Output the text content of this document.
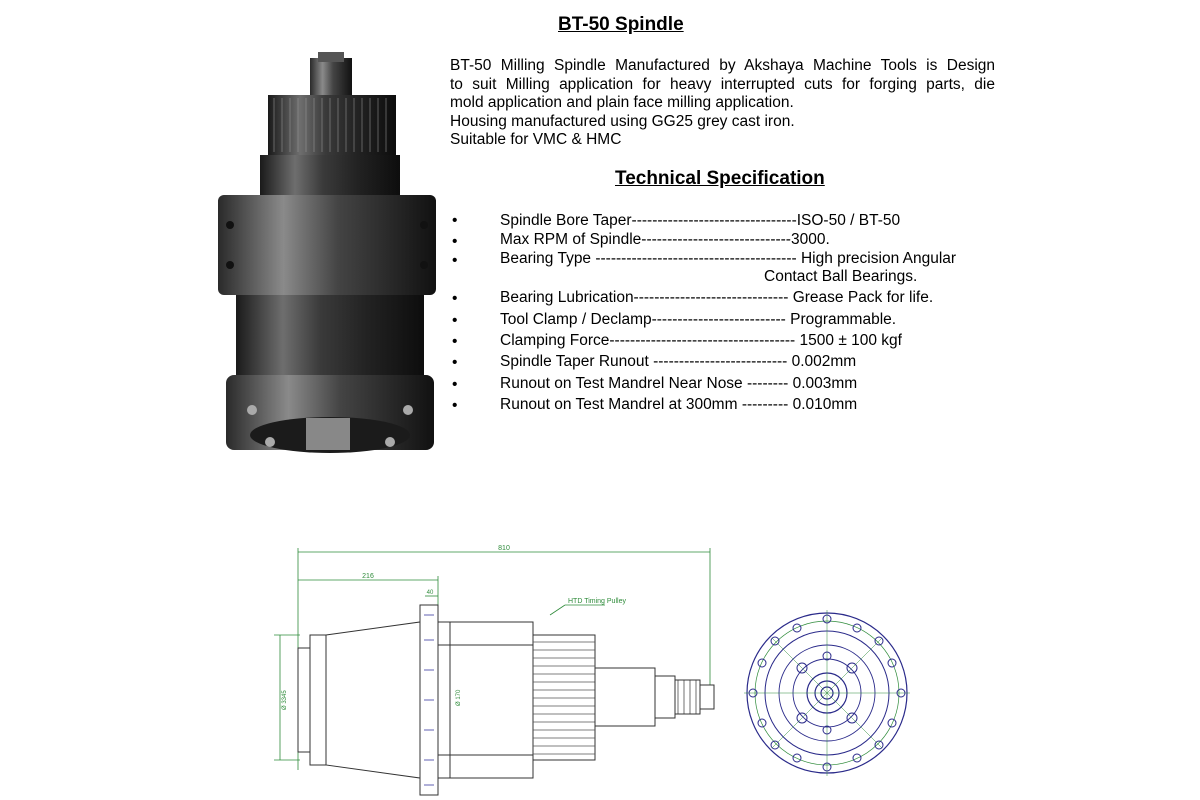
BT-50 Spindle
BT-50 Milling Spindle Manufactured by Akshaya Machine Tools is Design
to suit Milling application for heavy interrupted cuts for forging parts, die
mold application and plain face milling application.
Housing manufactured using GG25 grey cast iron.
Suitable for VMC & HMC
Technical Specification
•
•
•
•
•
•
•
•
•
Spindle Bore Taper--------------------------------ISO-50 / BT-50
Max RPM of Spindle-----------------------------3000.
Bearing Type --------------------------------------- High precision Angular
Contact Ball Bearings.
Bearing Lubrication------------------------------ Grease Pack for life.
Tool Clamp / Declamp-------------------------- Programmable.
Clamping Force------------------------------------ 1500 ± 100 kgf
Spindle Taper Runout -------------------------- 0.002mm
Runout on Test Mandrel Near Nose -------- 0.003mm
Runout on Test Mandrel at 300mm --------- 0.010mm
810
216
40
HTD Timing Pulley
Ø 3345	Ø 170
